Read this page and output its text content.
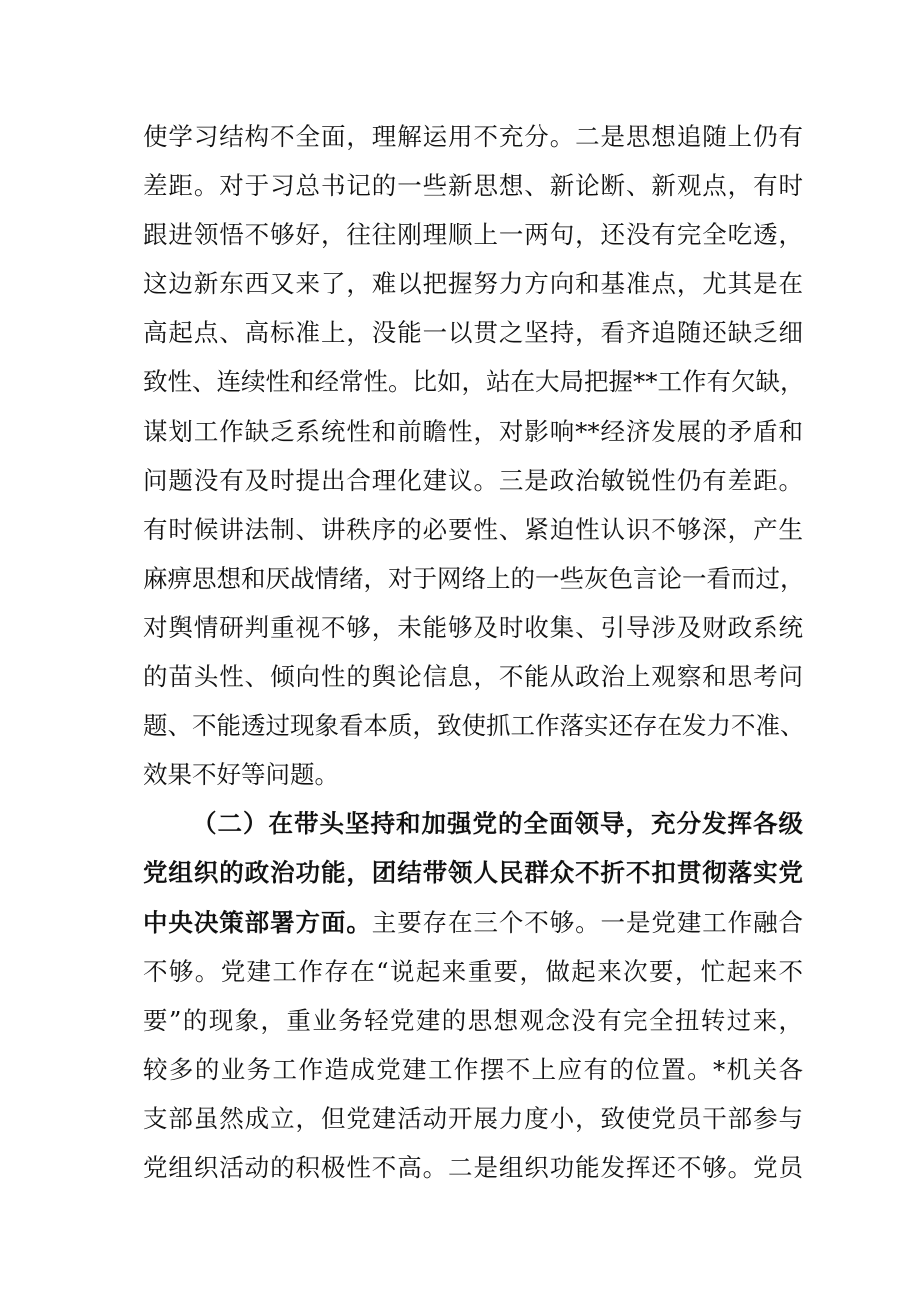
使学习结构不全面，理解运用不充分。二是思想追随上仍有
差距。对于习总书记的一些新思想、新论断、新观点，有时
跟进领悟不够好，往往刚理顺上一两句，还没有完全吃透，
这边新东西又来了，难以把握努力方向和基准点，尤其是在
高起点、高标准上，没能一以贯之坚持，看齐追随还缺乏细
致性、连续性和经常性。比如，站在大局把握**工作有欠缺，
谋划工作缺乏系统性和前瞻性，对影响**经济发展的矛盾和
问题没有及时提出合理化建议。三是政治敏锐性仍有差距。
有时候讲法制、讲秩序的必要性、紧迫性认识不够深，产生
麻痹思想和厌战情绪，对于网络上的一些灰色言论一看而过，
对舆情研判重视不够，未能够及时收集、引导涉及财政系统
的苗头性、倾向性的舆论信息，不能从政治上观察和思考问
题、不能透过现象看本质，致使抓工作落实还存在发力不准、
效果不好等问题。
（二）在带头坚持和加强党的全面领导，充分发挥各级
党组织的政治功能，团结带领人民群众不折不扣贯彻落实党
中央决策部署方面。主要存在三个不够。一是党建工作融合
不够。党建工作存在“说起来重要，做起来次要，忙起来不
要”的现象，重业务轻党建的思想观念没有完全扭转过来，
较多的业务工作造成党建工作摆不上应有的位置。*机关各
支部虽然成立，但党建活动开展力度小，致使党员干部参与
党组织活动的积极性不高。二是组织功能发挥还不够。党员
